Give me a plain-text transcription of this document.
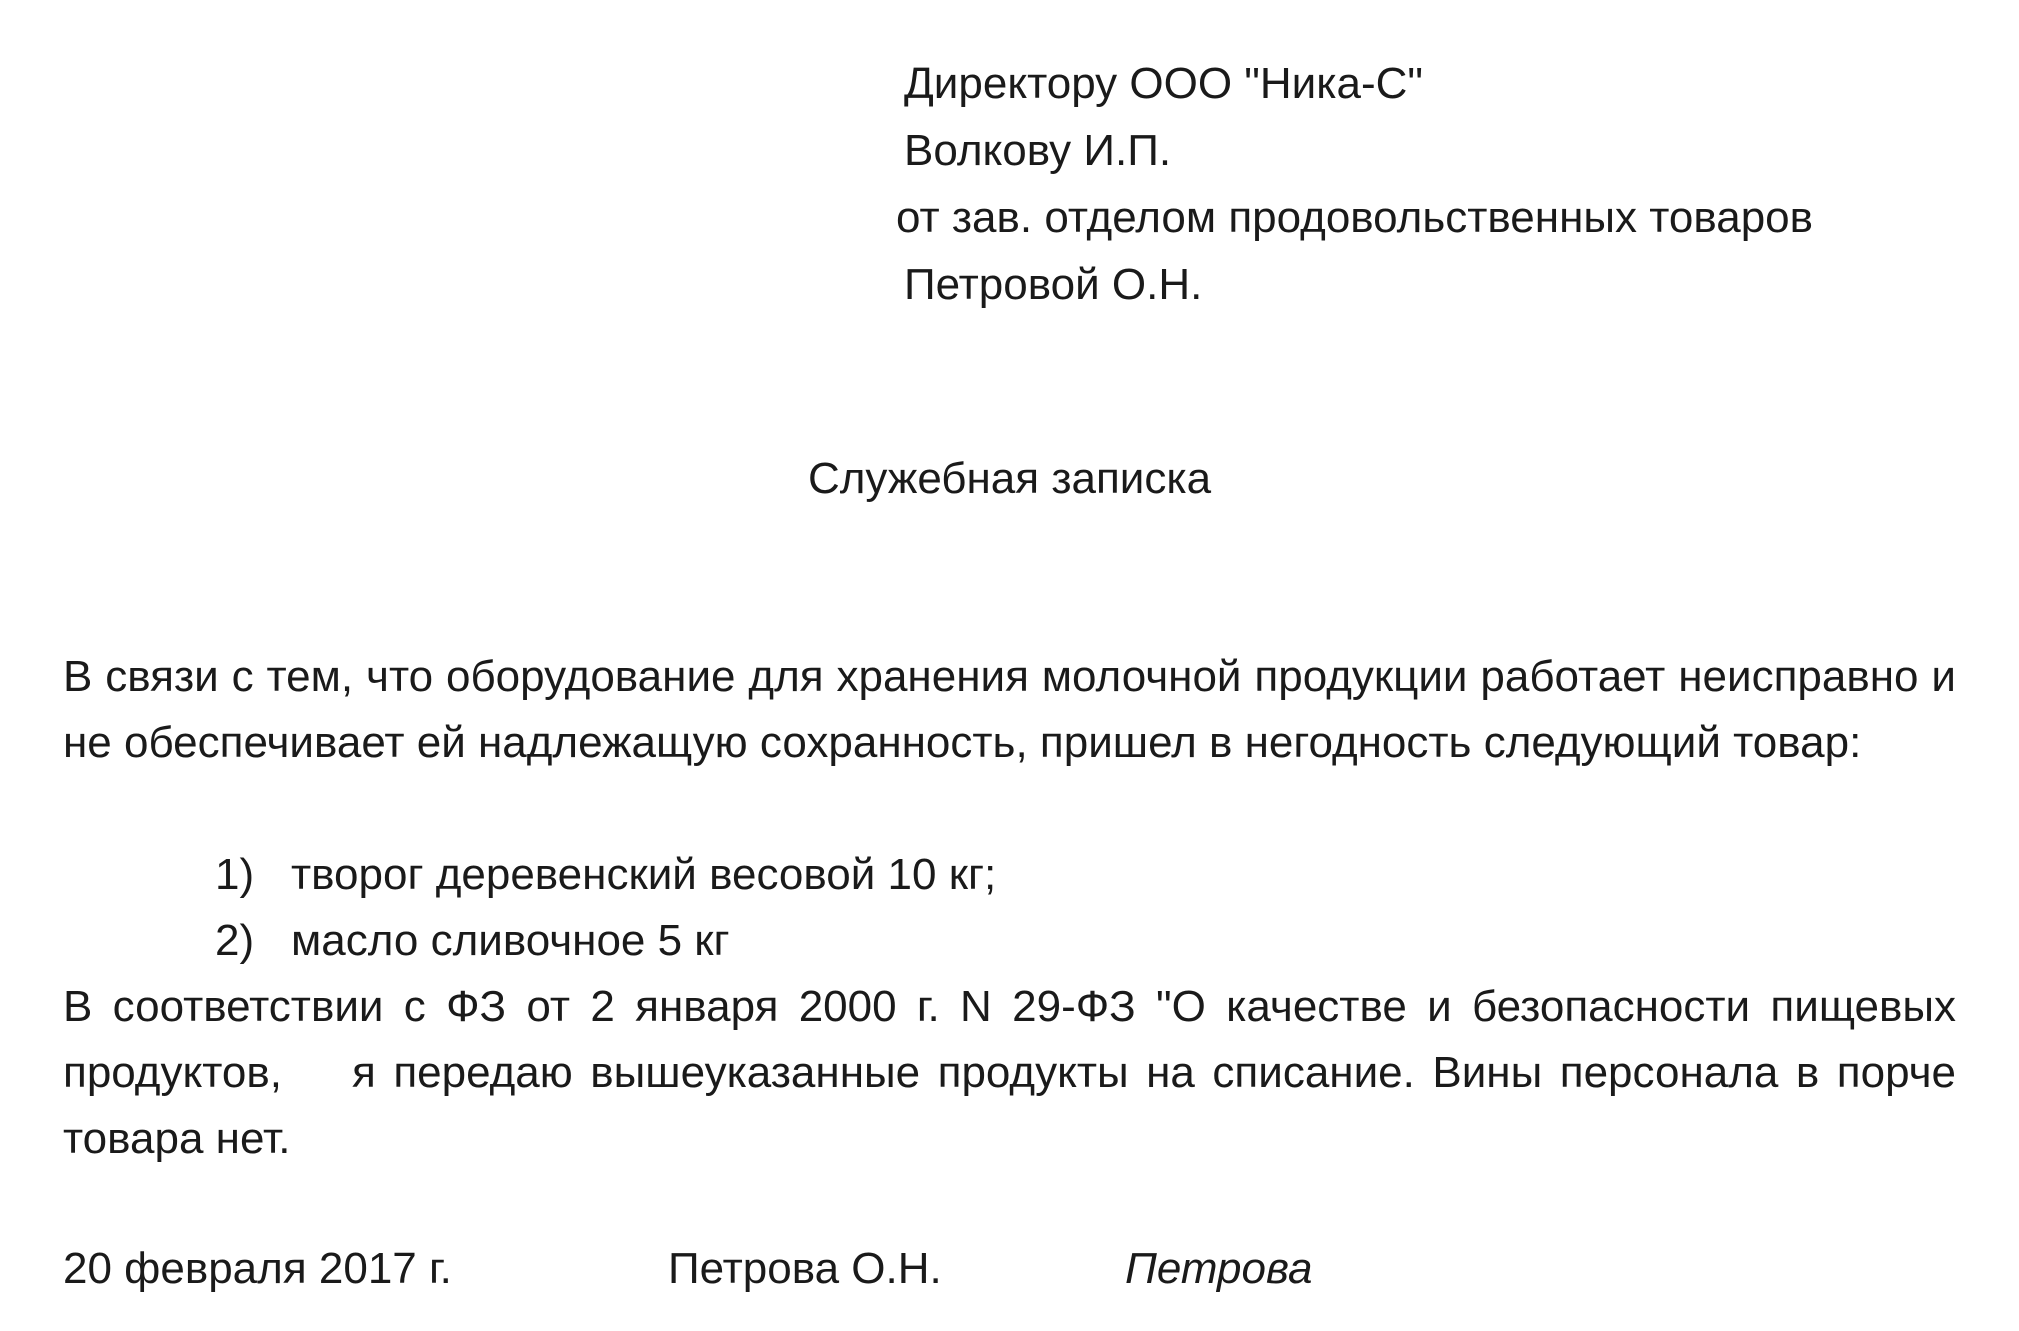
Директору ООО "Ника-С"
Волкову И.П.
от зав. отделом продовольственных товаров
Петровой О.Н.
Служебная записка
В связи с тем, что оборудование для хранения молочной продукции работает неисправно и не обеспечивает ей надлежащую сохранность, пришел в негодность следующий товар:
1) творог деревенский весовой 10 кг;
2) масло сливочное 5 кг
В соответствии с ФЗ от 2 января 2000 г. N 29-ФЗ "О качестве и безопасности пищевых продуктов,    я передаю вышеуказанные продукты на списание. Вины персонала в порче товара нет.
20 февраля 2017 г.	Петрова О.Н.	Петрова
